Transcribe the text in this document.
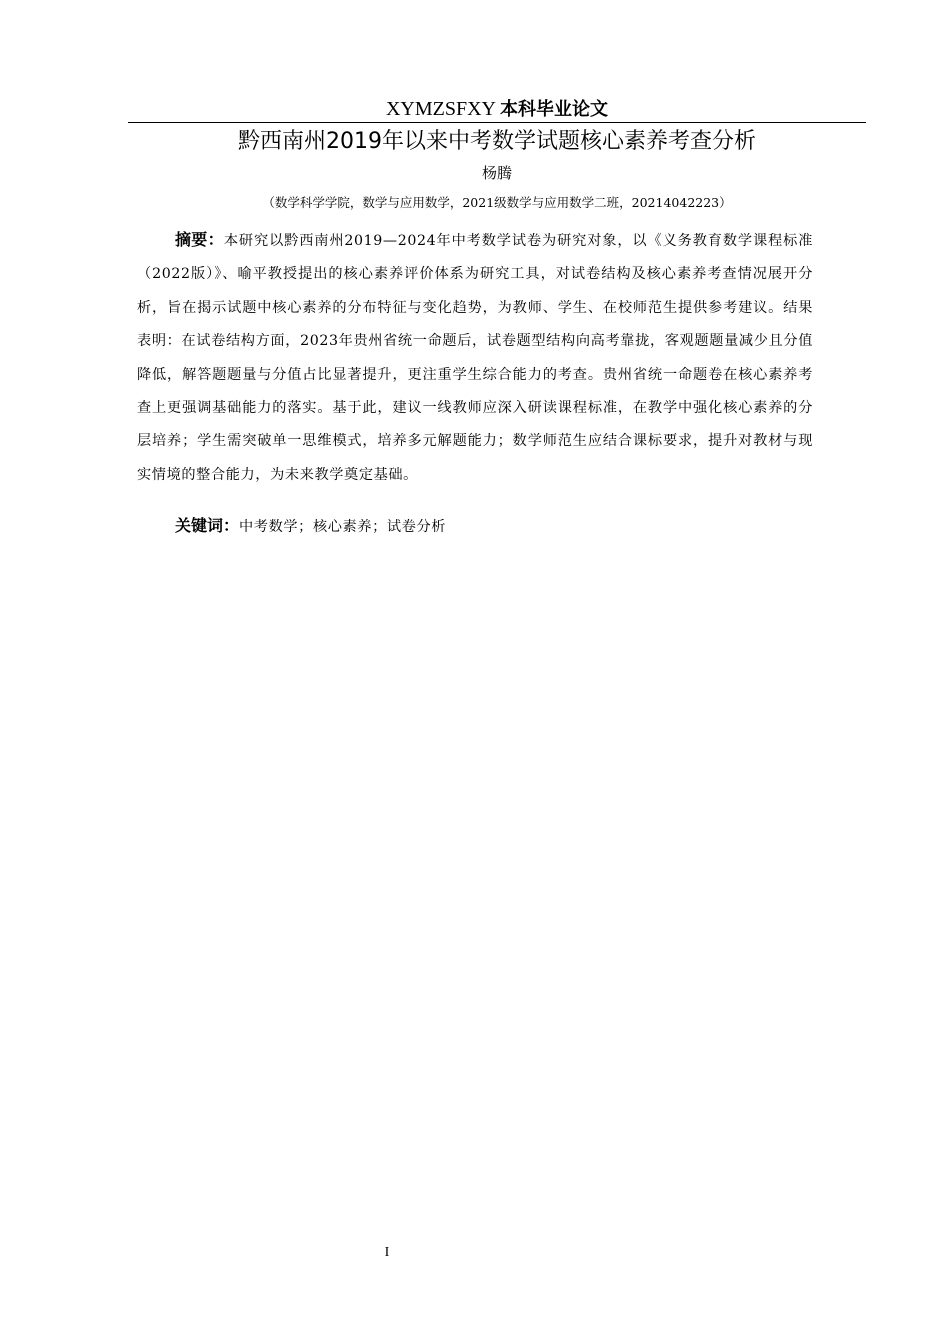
XYMZSFXY 本科毕业论文
黔西南州2019年以来中考数学试题核心素养考查分析
杨腾
（数学科学学院，数学与应用数学，2021级数学与应用数学二班，20214042223）
摘要：本研究以黔西南州2019—2024年中考数学试卷为研究对象，以《义务教育数学课程标准（2022版）》、喻平教授提出的核心素养评价体系为研究工具，对试卷结构及核心素养考查情况展开分析，旨在揭示试题中核心素养的分布特征与变化趋势，为教师、学生、在校师范生提供参考建议。结果表明：在试卷结构方面，2023年贵州省统一命题后，试卷题型结构向高考靠拢，客观题题量减少且分值降低，解答题题量与分值占比显著提升，更注重学生综合能力的考查。贵州省统一命题卷在核心素养考查上更强调基础能力的落实。基于此，建议一线教师应深入研读课程标准，在教学中强化核心素养的分层培养；学生需突破单一思维模式，培养多元解题能力；数学师范生应结合课标要求，提升对教材与现实情境的整合能力，为未来教学奠定基础。
关键词：中考数学；核心素养；试卷分析
I
